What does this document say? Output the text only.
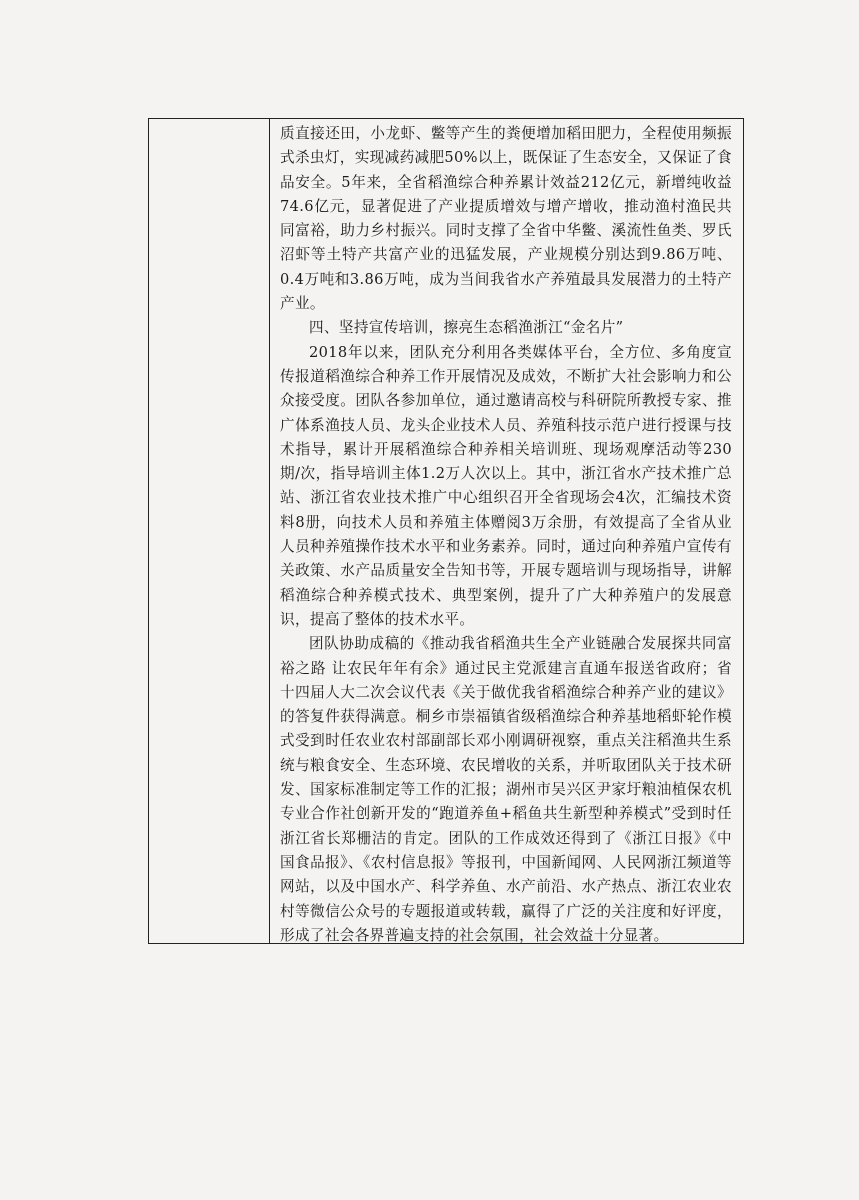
质直接还田，小龙虾、鳖等产生的粪便增加稻田肥力，全程使用频振式杀虫灯，实现减药减肥50%以上，既保证了生态安全，又保证了食品安全。5年来，全省稻渔综合种养累计效益212亿元，新增纯收益74.6亿元，显著促进了产业提质增效与增产增收，推动渔村渔民共同富裕，助力乡村振兴。同时支撑了全省中华鳖、溪流性鱼类、罗氏沼虾等土特产共富产业的迅猛发展，产业规模分别达到9.86万吨、0.4万吨和3.86万吨，成为当间我省水产养殖最具发展潜力的土特产产业。

四、坚持宣传培训，擦亮生态稻渔浙江“金名片”

2018年以来，团队充分利用各类媒体平台，全方位、多角度宣传报道稻渔综合种养工作开展情况及成效，不断扩大社会影响力和公众接受度。团队各参加单位，通过邀请高校与科研院所教授专家、推广体系渔技人员、龙头企业技术人员、养殖科技示范户进行授课与技术指导，累计开展稻渔综合种养相关培训班、现场观摩活动等230期/次，指导培训主体1.2万人次以上。其中，浙江省水产技术推广总站、浙江省农业技术推广中心组织召开全省现场会4次，汇编技术资料8册，向技术人员和养殖主体赠阅3万余册，有效提高了全省从业人员种养殖操作技术水平和业务素养。同时，通过向种养殖户宣传有关政策、水产品质量安全告知书等，开展专题培训与现场指导，讲解稻渔综合种养模式技术、典型案例，提升了广大种养殖户的发展意识，提高了整体的技术水平。

团队协助成稿的《推动我省稻渔共生全产业链融合发展探共同富裕之路 让农民年年有余》通过民主党派建言直通车报送省政府；省十四届人大二次会议代表《关于做优我省稻渔综合种养产业的建议》的答复件获得满意。桐乡市崇福镇省级稻渔综合种养基地稻虾轮作模式受到时任农业农村部副部长邓小刚调研视察，重点关注稻渔共生系统与粮食安全、生态环境、农民增收的关系，并听取团队关于技术研发、国家标准制定等工作的汇报；湖州市吴兴区尹家圩粮油植保农机专业合作社创新开发的“跑道养鱼+稻鱼共生新型种养模式”受到时任浙江省长郑栅洁的肯定。团队的工作成效还得到了《浙江日报》《中国食品报》、《农村信息报》等报刊，中国新闻网、人民网浙江频道等网站，以及中国水产、科学养鱼、水产前沿、水产热点、浙江农业农村等微信公众号的专题报道或转载，赢得了广泛的关注度和好评度，形成了社会各界普遍支持的社会氛围，社会效益十分显著。
